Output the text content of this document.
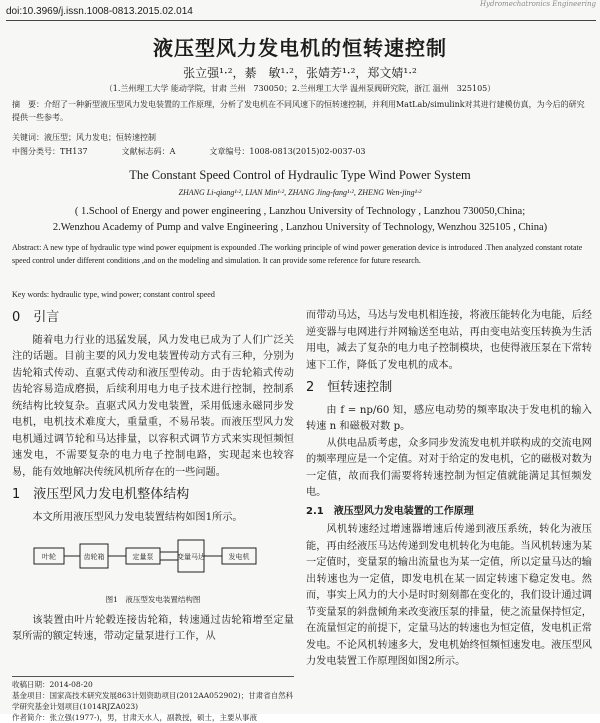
Hydromechatronics Engineering
doi:10.3969/j.issn.1008-0813.2015.02.014
液压型风力发电机的恒转速控制
张立强¹·²，綦　敏¹·²，张婧芳¹·²，郑文婧¹·²
（1.兰州理工大学 能动学院，甘肃 兰州　730050；2.兰州理工大学 温州泵阀研究院，浙江 温州　325105）
摘　要：介绍了一种新型液压型风力发电装置的工作原理，分析了发电机在不同风速下的恒转速控制，并利用MatLab/simulink对其进行建模仿真，为今后的研究提供一些参考。
关键词：液压型；风力发电；恒转速控制
中图分类号：TH137	文献标志码：A	文章编号：1008-0813(2015)02-0037-03
The Constant Speed Control of Hydraulic Type Wind Power System
ZHANG Li-qiang¹·², LIAN Min¹·², ZHANG Jing-fang¹·², ZHENG Wen-jing¹·²
( 1.School of Energy and power engineering , Lanzhou University of Technology , Lanzhou 730050,China;
2.Wenzhou Academy of Pump and valve Engineering , Lanzhou University of Technology, Wenzhou 325105 , China)
Abstract: A new type of hydraulic type wind power equipment is expounded .The working principle of wind power generation device is introduced .Then analyzed constant rotate speed control under different conditions ,and on the modeling and simulation. It can provide some reference for future research.
Key words: hydraulic type, wind power; constant control speed
0　引言

随着电力行业的迅猛发展，风力发电已成为了人们广泛关注的话题。目前主要的风力发电装置传动方式有三种，分别为齿轮箱式传动、直驱式传动和液压型传动。由于齿轮箱式传动齿轮容易造成磨损，后续利用电力电子技术进行控制，控制系统结构比较复杂。直驱式风力发电装置，采用低速永磁同步发电机，电机技术难度大，重量重，不易吊装。而液压型风力发电机通过调节轮和马达排量，以容积式调节方式来实现恒频恒速发电，不需要复杂的电力电子控制电路，实现起来也较容易，能有效地解决传统风机所存在的一些问题。

1　液压型风力发电机整体结构

本文所用液压型风力发电装置结构如图1所示。

叶轮	齿轮箱	定量泵	变量马达	发电机
图1　液压型发电装置结构图

该装置由叶片轮毂连接齿轮箱，转速通过齿轮箱增至定量泵所需的额定转速，带动定量泵进行工作，从

而带动马达，马达与发电机相连接，将液压能转化为电能，后经逆变器与电网进行并网输送至电站，再由变电站变压转换为生活用电，减去了复杂的电力电子控制模块，也使得液压泵在下常转速下工作，降低了发电机的成本。

2　恒转速控制

由 f = np/60 知，感应电动势的频率取决于发电机的输入转速 n 和磁极对数 p。

从供电品质考虑，众多同步发流发电机并联构成的交流电网的频率理应是一个定值。对对于给定的发电机，它的磁极对数为一定值，故而我们需要将转速控制为恒定值就能满足其恒频发电。

2.1　液压型风力发电装置的工作原理

风机转速经过增速器增速后传递到液压系统，转化为液压能，再由经液压马达传递到发电机转化为电能。当风机转速为某一定值时，变量泵的输出流量也为某一定值，所以定量马达的输出转速也为一定值，即发电机在某一固定转速下稳定发电。然而，事实上风力的大小是时时刻刻都在变化的，我们设计通过调节变量泵的斜盘倾角来改变液压泵的排量，使之流量保持恒定，在流量恒定的前提下，定量马达的转速也为恒定值，发电机正常发电。不论风机转速多大，发电机始终恒频恒速发电。液压型风力发电装置工作原理图如图2所示。

收稿日期：2014-08-20
基金项目：国家高技术研究发展863计划资助项目(2012AA052902)；甘肃省自然科学研究基金计划项目(1014RJZA023)
作者简介：张立强(1977-)，男，甘肃天水人，副教授，硕士，主要从事液
